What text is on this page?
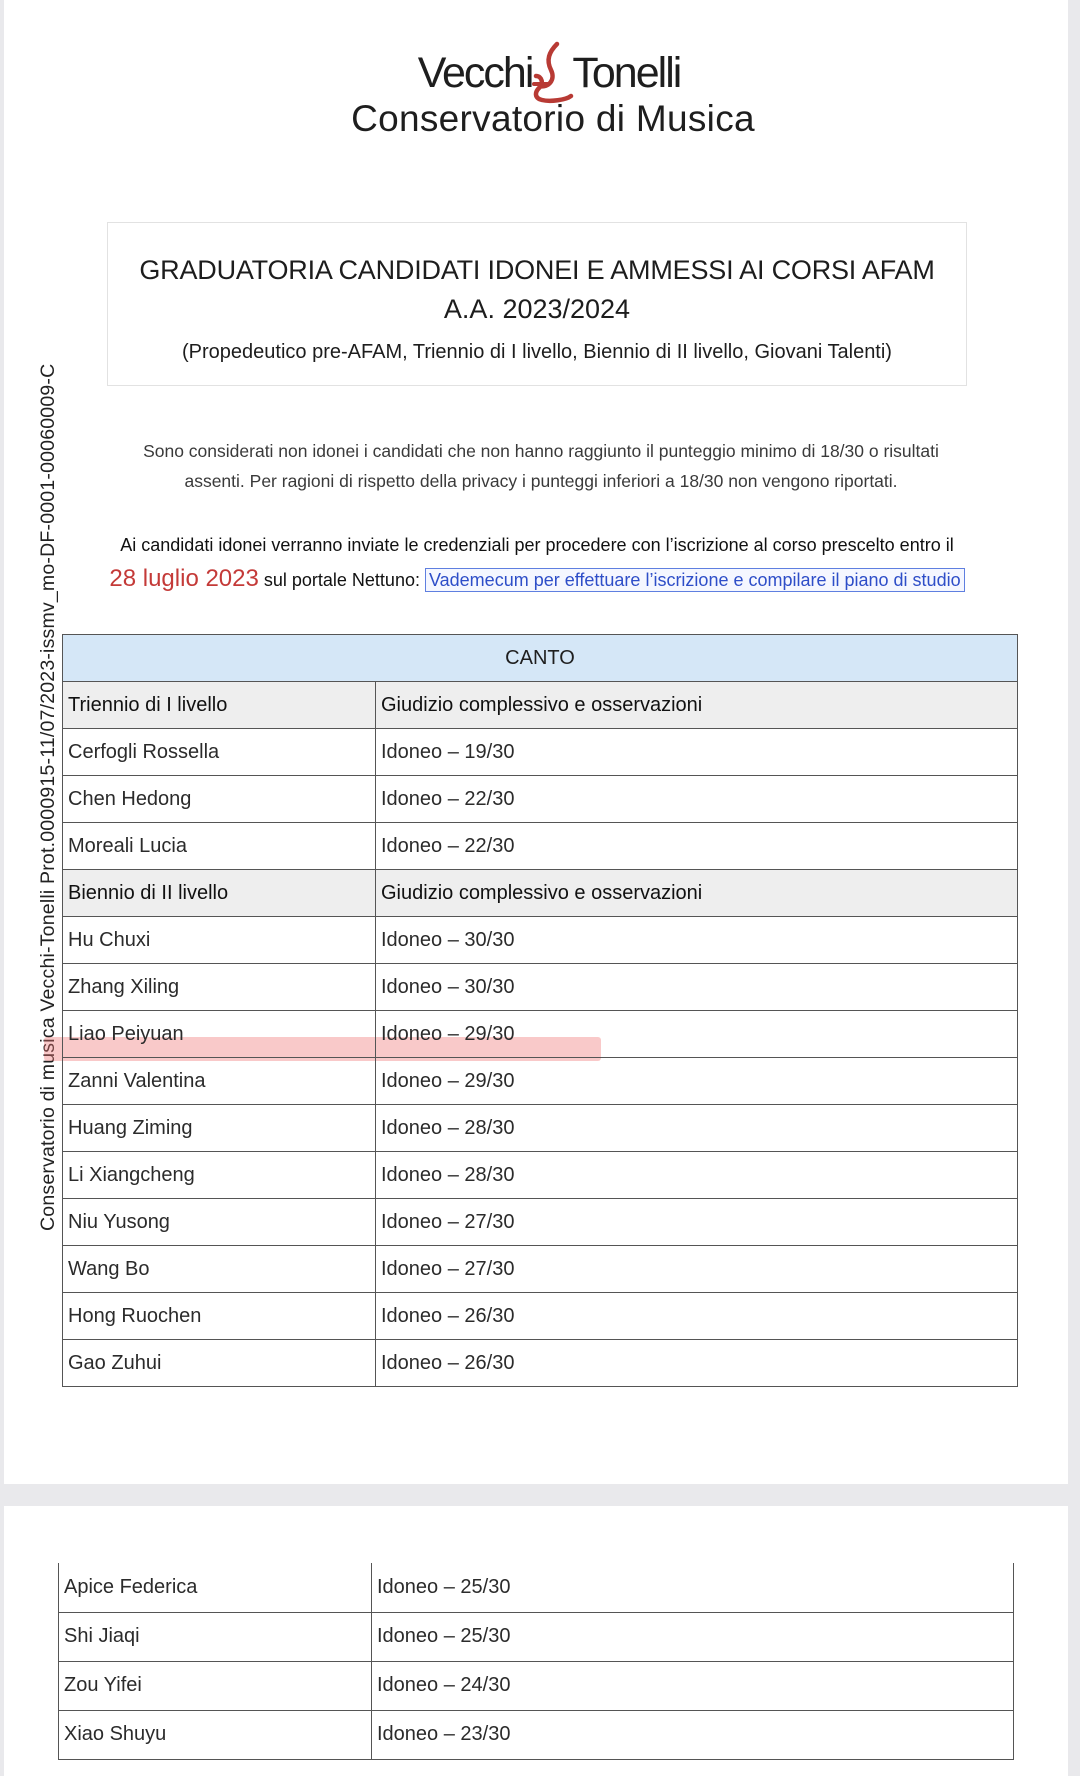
Conservatorio di musica Vecchi-Tonelli Prot.0000915-11/07/2023-issmv_mo-DF-0001-00060009-C
Vecchi Tonelli
Conservatorio di Musica
GRADUATORIA CANDIDATI IDONEI E AMMESSI AI CORSI AFAM
A.A. 2023/2024
(Propedeutico pre-AFAM, Triennio di I livello, Biennio di II livello, Giovani Talenti)
Sono considerati non idonei i candidati che non hanno raggiunto il punteggio minimo di 18/30 o risultati
assenti. Per ragioni di rispetto della privacy i punteggi inferiori a 18/30 non vengono riportati.
Ai candidati idonei verranno inviate le credenziali per procedere con l’iscrizione al corso prescelto entro il
28 luglio 2023 sul portale Nettuno: Vademecum per effettuare l’iscrizione e compilare il piano di studio
CANTO	
Triennio di I livello	Giudizio complessivo e osservazioni
Cerfogli Rossella	Idoneo – 19/30
Chen Hedong	Idoneo – 22/30
Moreali Lucia	Idoneo – 22/30
Biennio di II livello	Giudizio complessivo e osservazioni
Hu Chuxi	Idoneo – 30/30
Zhang Xiling	Idoneo – 30/30
Liao Peiyuan	Idoneo – 29/30
Zanni Valentina	Idoneo – 29/30
Huang Ziming	Idoneo – 28/30
Li Xiangcheng	Idoneo – 28/30
Niu Yusong	Idoneo – 27/30
Wang Bo	Idoneo – 27/30
Hong Ruochen	Idoneo – 26/30
Gao Zuhui	Idoneo – 26/30
Apice Federica	Idoneo – 25/30
Shi Jiaqi	Idoneo – 25/30
Zou Yifei	Idoneo – 24/30
Xiao Shuyu	Idoneo – 23/30
